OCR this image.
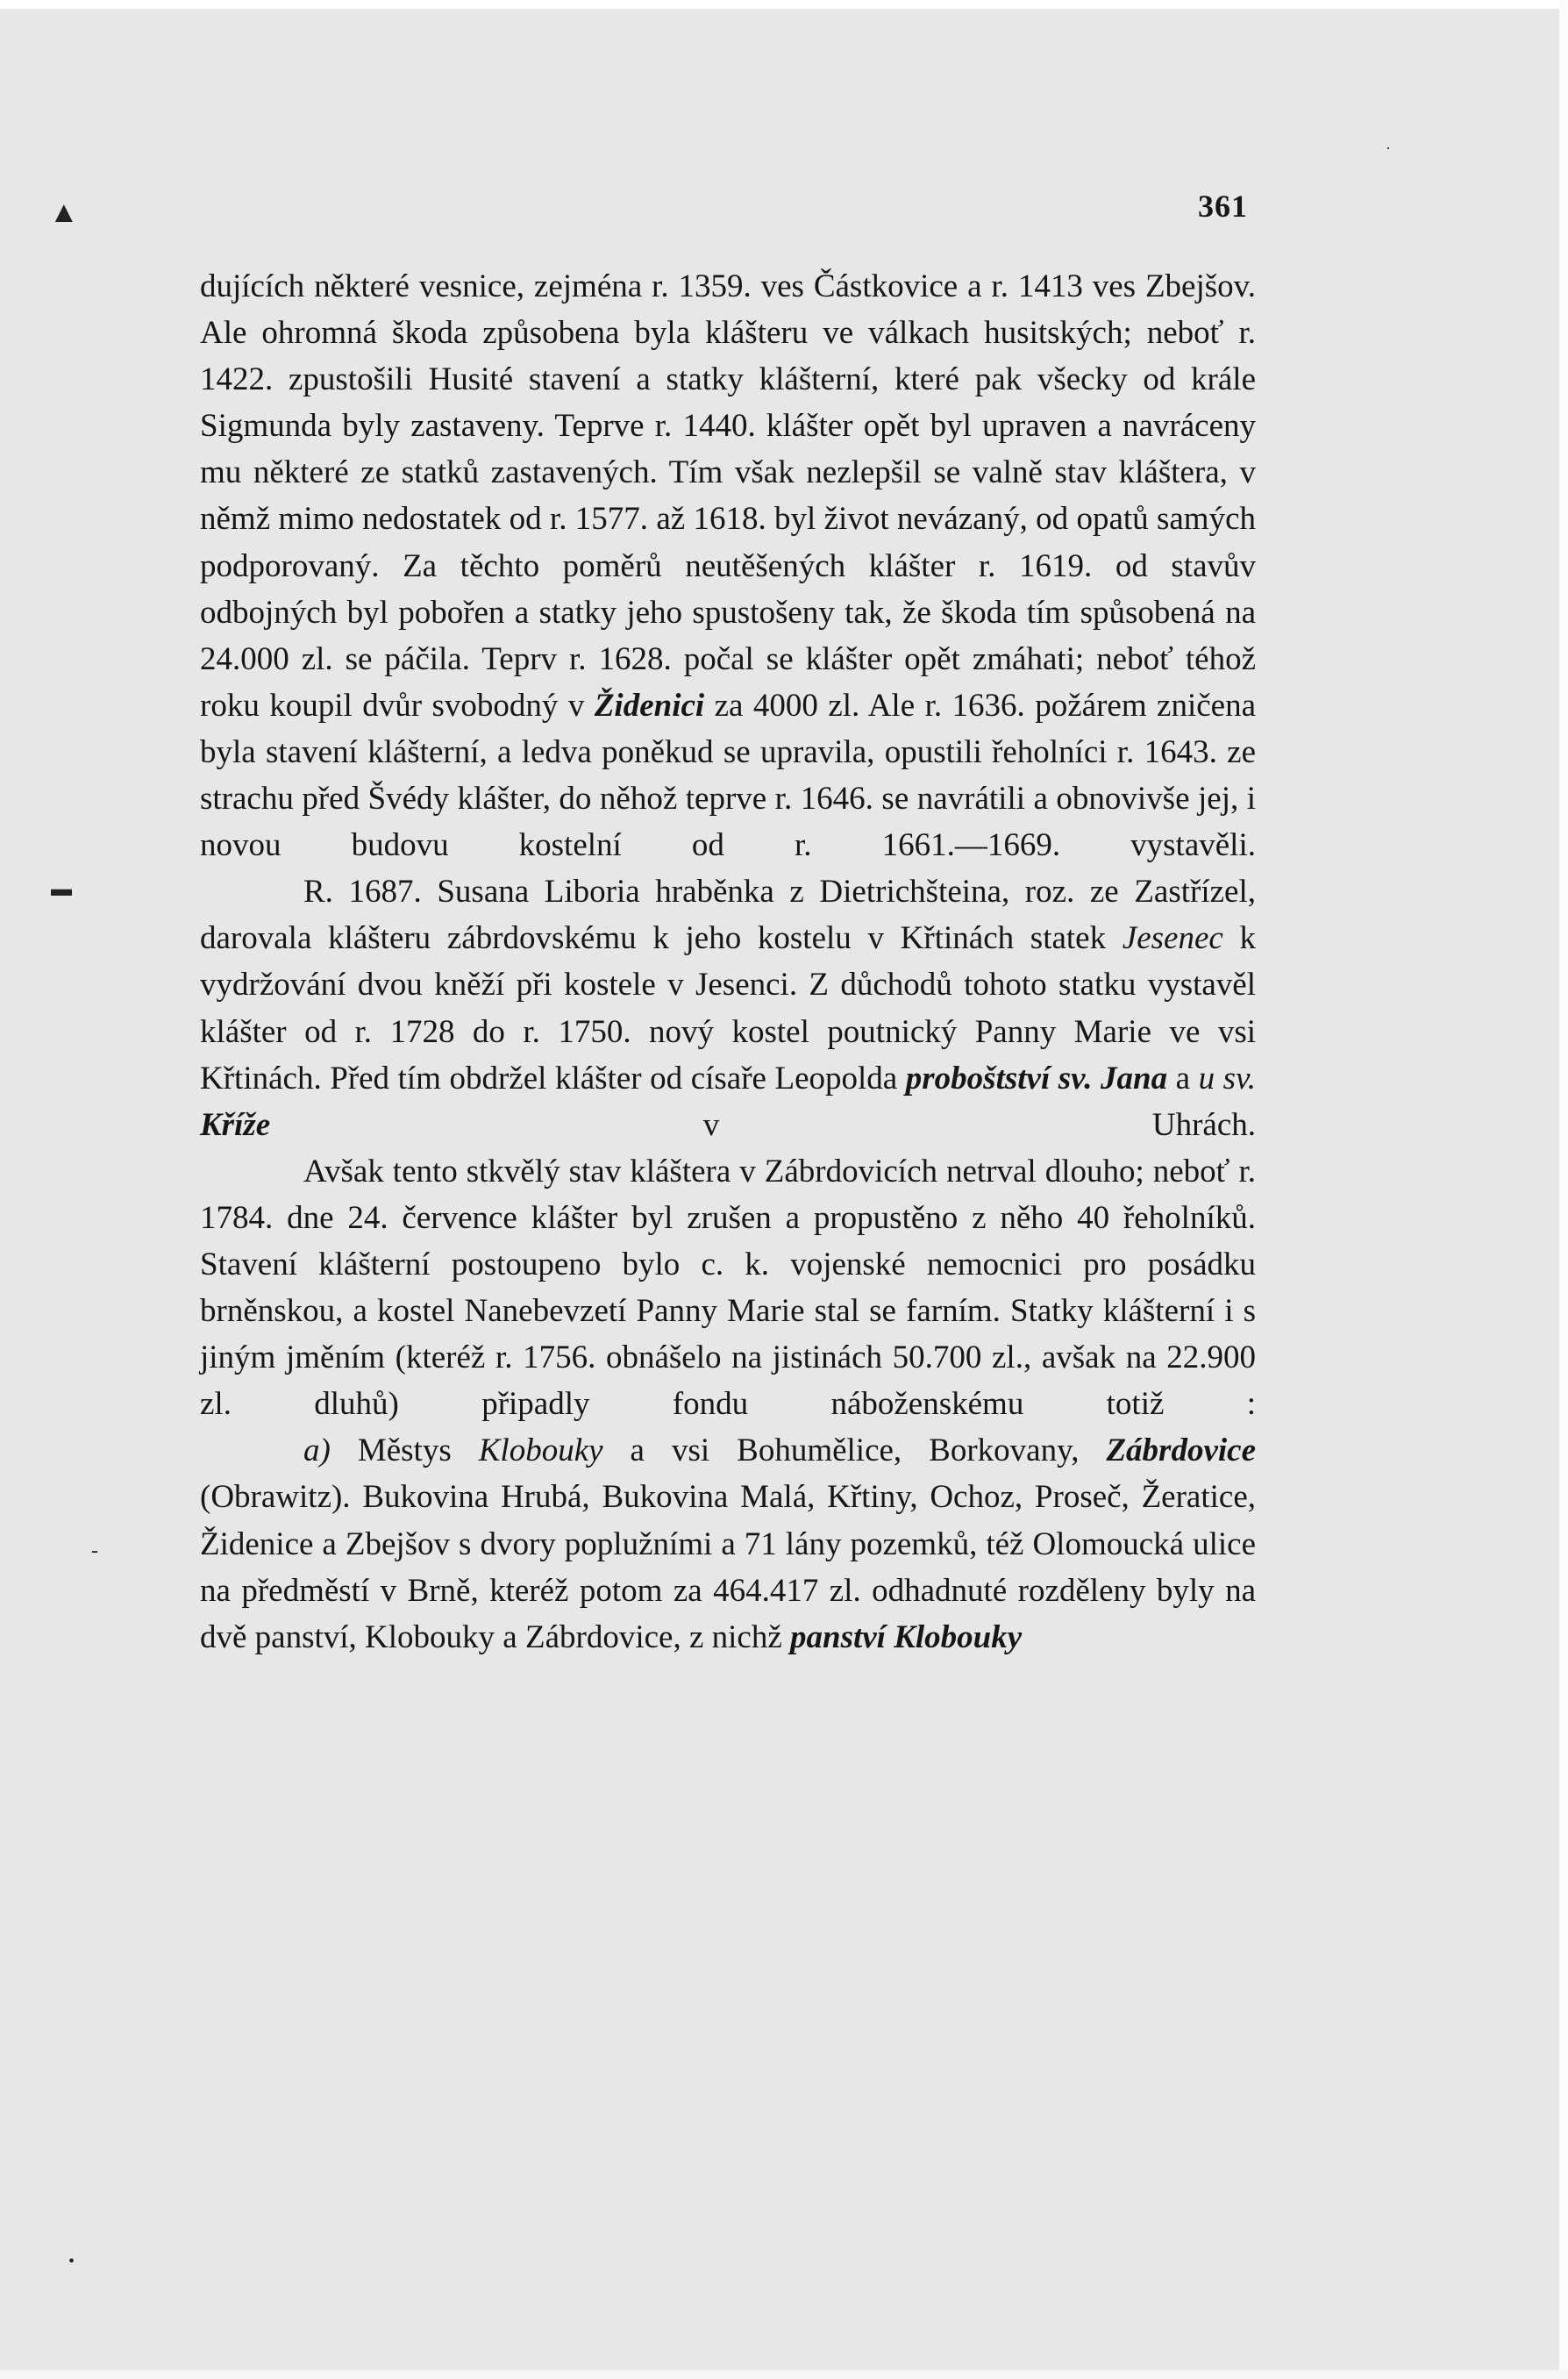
▲
▬
-
•
·
361

dujících některé vesnice, zejména r. 1359. ves Částkovice a r. 1413 ves Zbejšov. Ale ohromná škoda způsobena byla klášteru ve válkach husitských; neboť r. 1422. zpustošili Husité stavení a statky klášterní, které pak všecky od krále Sigmunda byly zastaveny. Teprve r. 1440. klášter opět byl upraven a navráceny mu některé ze statků zastavených. Tím však nezlepšil se valně stav kláštera, v němž mimo nedostatek od r. 1577. až 1618. byl život nevázaný, od opatů samých podporovaný. Za těchto poměrů neutěšených klášter r. 1619. od stavův odbojných byl pobořen a statky jeho spustošeny tak, že škoda tím spůsobená na 24.000 zl. se páčila. Teprv r. 1628. počal se klášter opět zmáhati; neboť téhož roku koupil dvůr svobodný v Židenici za 4000 zl. Ale r. 1636. požárem zničena byla stavení klášterní, a ledva poněkud se upravila, opustili řeholníci r. 1643. ze strachu před Švédy klášter, do něhož teprve r. 1646. se navrátili a obnovivše jej, i novou budovu kostelní od r. 1661.—1669. vystavěli.

R. 1687. Susana Liboria hraběnka z Dietrichšteina, roz. ze Zastřízel, darovala klášteru zábrdovskému k jeho kostelu v Křtinách statek Jesenec k vydržování dvou kněží při kostele v Jesenci. Z důchodů tohoto statku vystavěl klášter od r. 1728 do r. 1750. nový kostel poutnický Panny Marie ve vsi Křtinách. Před tím obdržel klášter od císaře Leopolda proboštství sv. Jana a u sv. Kříže v Uhrách.

Avšak tento stkvělý stav kláštera v Zábrdovicích netrval dlouho; neboť r. 1784. dne 24. července klášter byl zrušen a propustěno z něho 40 řeholníků. Stavení klášterní postoupeno bylo c. k. vojenské nemocnici pro posádku brněnskou, a kostel Nanebevzetí Panny Marie stal se farním. Statky klášterní i s jiným jměním (kteréž r. 1756. obnášelo na jistinách 50.700 zl., avšak na 22.900 zl. dluhů) připadly fondu náboženskému totiž :

a) Městys Klobouky a vsi Bohumělice, Borkovany, Zábrdovice (Obrawitz). Bukovina Hrubá, Bukovina Malá, Křtiny, Ochoz, Proseč, Žeratice, Židenice a Zbejšov s dvory poplužními a 71 lány pozemků, též Olomoucká ulice na předměstí v Brně, kteréž potom za 464.417 zl. odhadnuté rozděleny byly na dvě panství, Klobouky a Zábrdovice, z nichž panství Klobouky
